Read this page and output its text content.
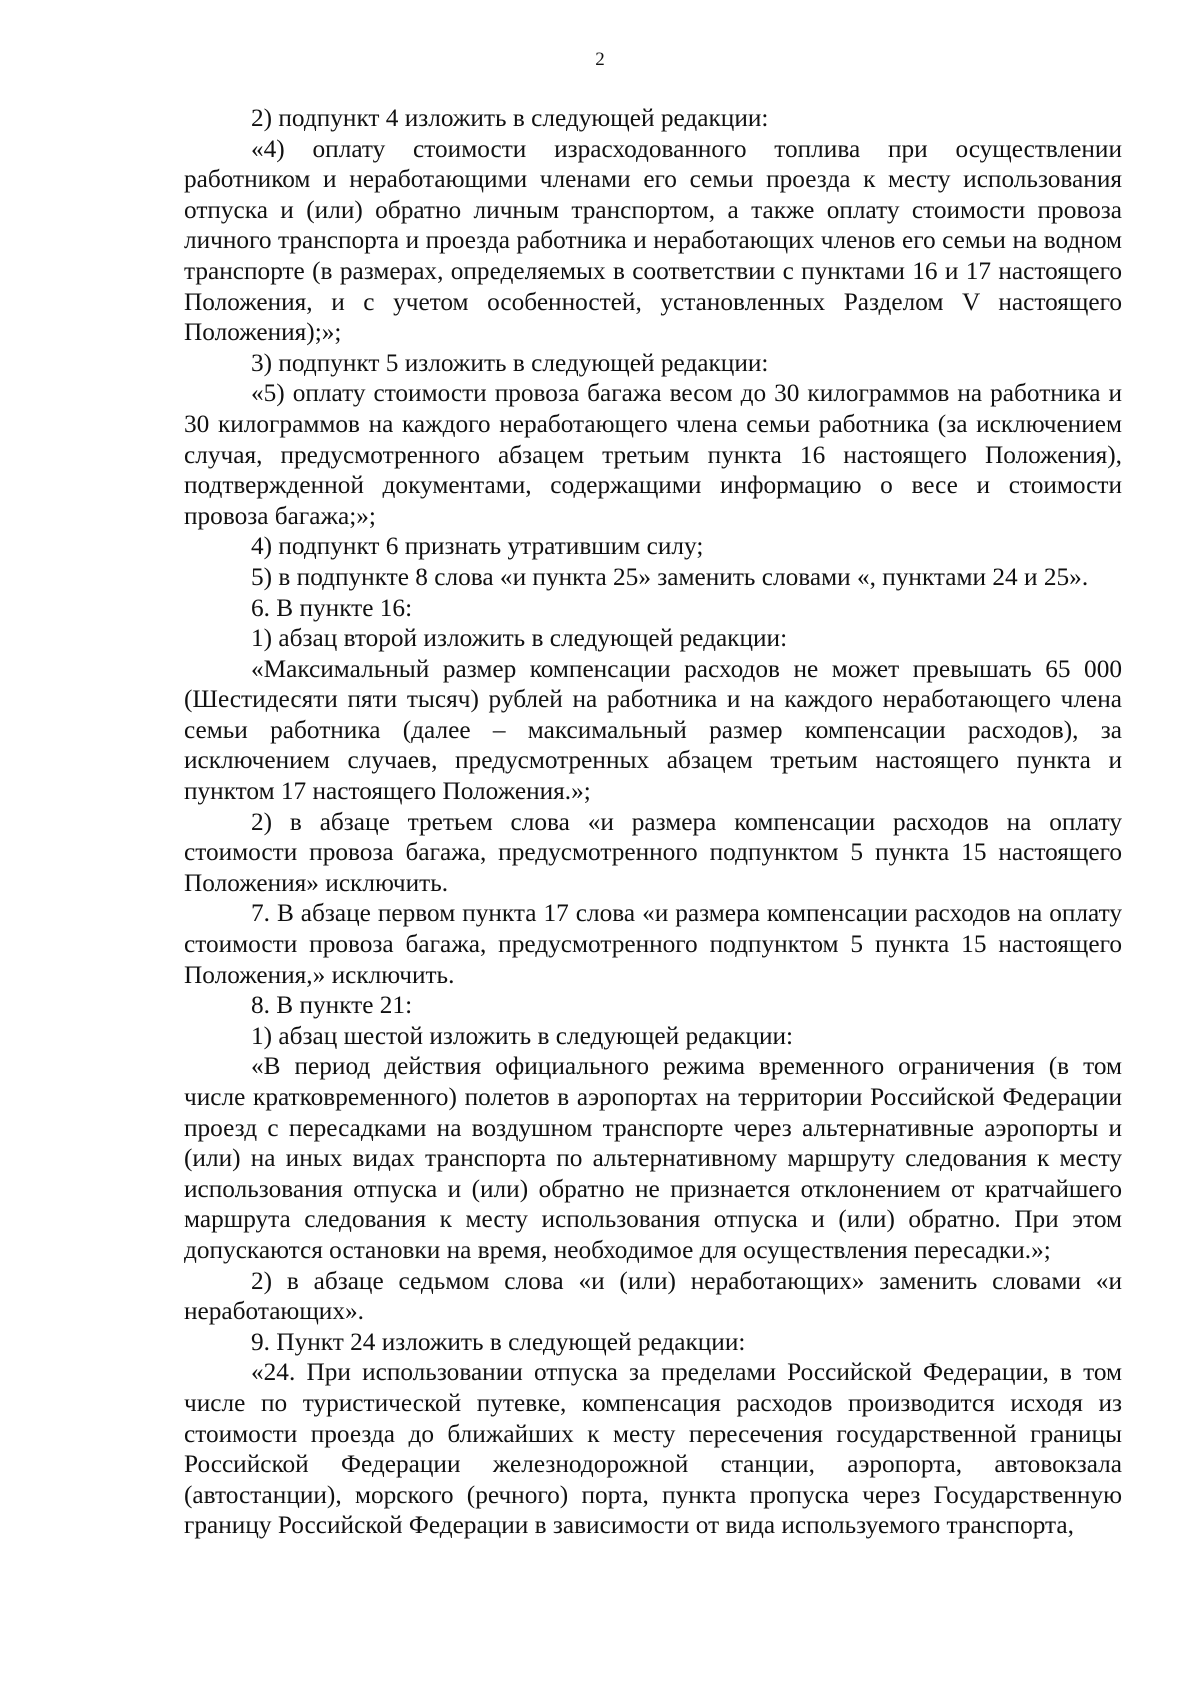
2

2) подпункт 4 изложить в следующей редакции:

«4) оплату стоимости израсходованного топлива при осуществлении работником и неработающими членами его семьи проезда к месту использования отпуска и (или) обратно личным транспортом, а также оплату стоимости провоза личного транспорта и проезда работника и неработающих членов его семьи на водном транспорте (в размерах, определяемых в соответствии с пунктами 16 и 17 настоящего Положения, и с учетом особенностей, установленных Разделом V настоящего Положения);»;

3) подпункт 5 изложить в следующей редакции:

«5) оплату стоимости провоза багажа весом до 30 килограммов на работника и 30 килограммов на каждого неработающего члена семьи работника (за исключением случая, предусмотренного абзацем третьим пункта 16 настоящего Положения), подтвержденной документами, содержащими информацию о весе и стоимости провоза багажа;»;

4) подпункт 6 признать утратившим силу;

5) в подпункте 8 слова «и пункта 25» заменить словами «, пунктами 24 и 25».

6. В пункте 16:

1) абзац второй изложить в следующей редакции:

«Максимальный размер компенсации расходов не может превышать 65 000 (Шестидесяти пяти тысяч) рублей на работника и на каждого неработающего члена семьи работника (далее – максимальный размер компенсации расходов), за исключением случаев, предусмотренных абзацем третьим настоящего пункта и пунктом 17 настоящего Положения.»;

2) в абзаце третьем слова «и размера компенсации расходов на оплату стоимости провоза багажа, предусмотренного подпунктом 5 пункта 15 настоящего Положения» исключить.

7. В абзаце первом пункта 17 слова «и размера компенсации расходов на оплату стоимости провоза багажа, предусмотренного подпунктом 5 пункта 15 настоящего Положения,» исключить.

8. В пункте 21:

1) абзац шестой изложить в следующей редакции:

«В период действия официального режима временного ограничения (в том числе кратковременного) полетов в аэропортах на территории Российской Федерации проезд с пересадками на воздушном транспорте через альтернативные аэропорты и (или) на иных видах транспорта по альтернативному маршруту следования к месту использования отпуска и (или) обратно не признается отклонением от кратчайшего маршрута следования к месту использования отпуска и (или) обратно. При этом допускаются остановки на время, необходимое для осуществления пересадки.»;

2) в абзаце седьмом слова «и (или) неработающих» заменить словами «и неработающих».

9. Пункт 24 изложить в следующей редакции:

«24. При использовании отпуска за пределами Российской Федерации, в том числе по туристической путевке, компенсация расходов производится исходя из стоимости проезда до ближайших к месту пересечения государственной границы Российской Федерации железнодорожной станции, аэропорта, автовокзала (автостанции), морского (речного) порта, пункта пропуска через Государственную границу Российской Федерации в зависимости от вида используемого транспорта,
